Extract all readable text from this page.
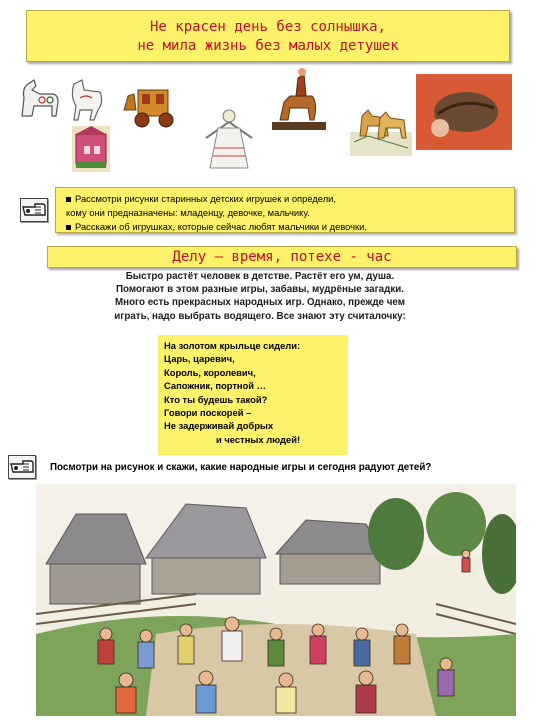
Не красен день без солнышка,
не мила жизнь без малых детушек
Рассмотри рисунки старинных детских игрушек и определи,
кому они предназначены: младенцу, девочке, мальчику.
Расскажи об игрушках, которые сейчас любят мальчики и девочки.
Делу – время, потехе - час
Быстро растёт человек в детстве. Растёт его ум, душа.
Помогают в этом разные игры, забавы, мудрёные загадки.
Много есть прекрасных народных игр. Однако, прежде чем
играть, надо выбрать водящего. Все знают эту считалочку:
На золотом крыльце сидели:
Царь, царевич,
Король, королевич,
Сапожник, портной …
Кто ты будешь такой?
Говори поскорей –
Не задерживай добрых
и честных людей!
Посмотри на рисунок и скажи, какие народные игры и сегодня радуют детей?
